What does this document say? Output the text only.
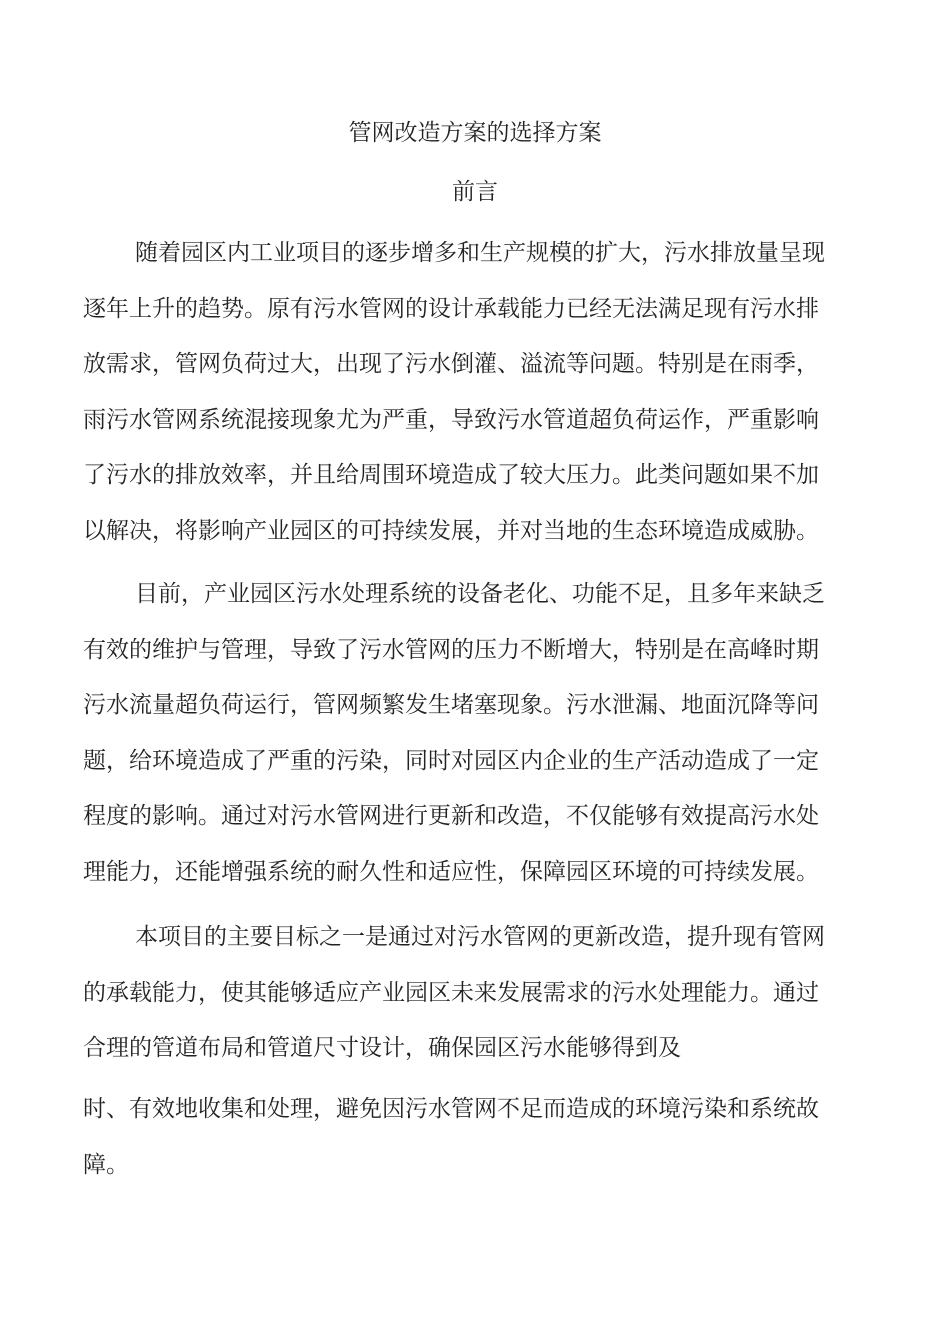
管网改造方案的选择方案
前言

随着园区内工业项目的逐步增多和生产规模的扩大，污水排放量呈现
逐年上升的趋势。原有污水管网的设计承载能力已经无法满足现有污水排
放需求，管网负荷过大，出现了污水倒灌、溢流等问题。特别是在雨季，
雨污水管网系统混接现象尤为严重，导致污水管道超负荷运作，严重影响
了污水的排放效率，并且给周围环境造成了较大压力。此类问题如果不加
以解决，将影响产业园区的可持续发展，并对当地的生态环境造成威胁。

目前，产业园区污水处理系统的设备老化、功能不足，且多年来缺乏
有效的维护与管理，导致了污水管网的压力不断增大，特别是在高峰时期
污水流量超负荷运行，管网频繁发生堵塞现象。污水泄漏、地面沉降等问
题，给环境造成了严重的污染，同时对园区内企业的生产活动造成了一定
程度的影响。通过对污水管网进行更新和改造，不仅能够有效提高污水处
理能力，还能增强系统的耐久性和适应性，保障园区环境的可持续发展。

本项目的主要目标之一是通过对污水管网的更新改造，提升现有管网
的承载能力，使其能够适应产业园区未来发展需求的污水处理能力。通过
合理的管道布局和管道尺寸设计，确保园区污水能够得到及

时、有效地收集和处理，避免因污水管网不足而造成的环境污染和系统故
障。
